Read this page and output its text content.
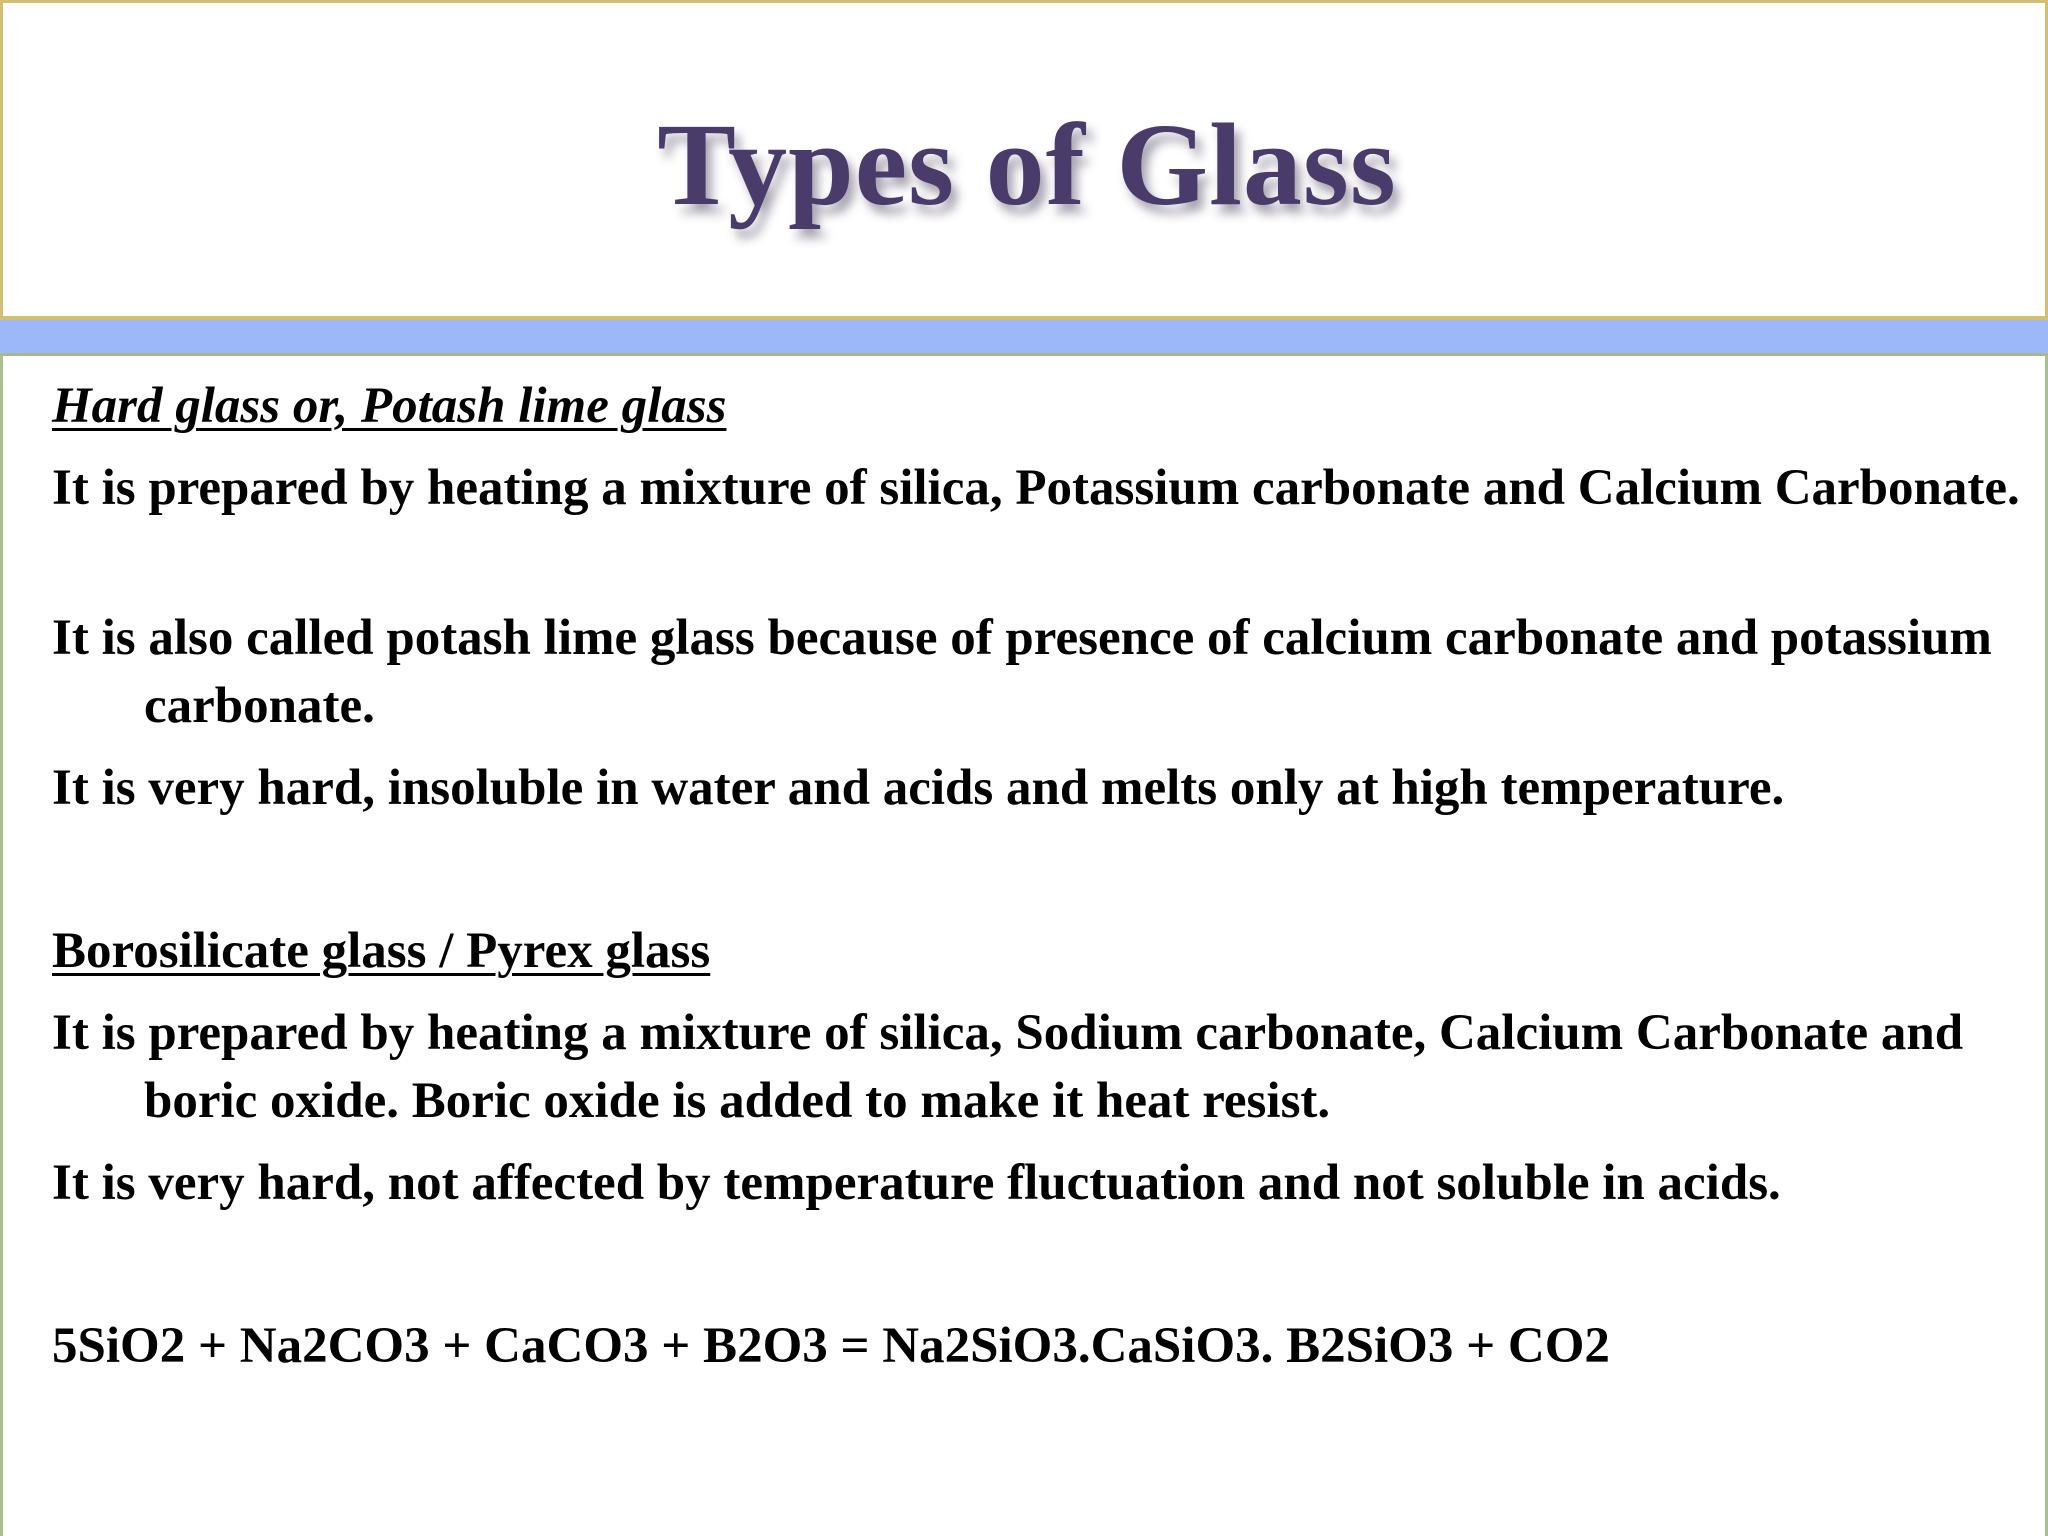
Types of Glass
Hard glass or, Potash lime glass
It is prepared by heating a mixture of silica, Potassium carbonate and Calcium Carbonate.
It is also called potash lime glass because of presence of calcium carbonate and potassium carbonate.
It is very hard, insoluble in water and acids and melts only at high temperature.
Borosilicate glass / Pyrex glass
It is prepared by heating a mixture of silica, Sodium carbonate, Calcium Carbonate and boric oxide. Boric oxide is added to make it heat resist.
It is very hard, not affected by temperature fluctuation and not soluble in acids.
5SiO2 + Na2CO3 + CaCO3 + B2O3 = Na2SiO3.CaSiO3. B2SiO3 + CO2
